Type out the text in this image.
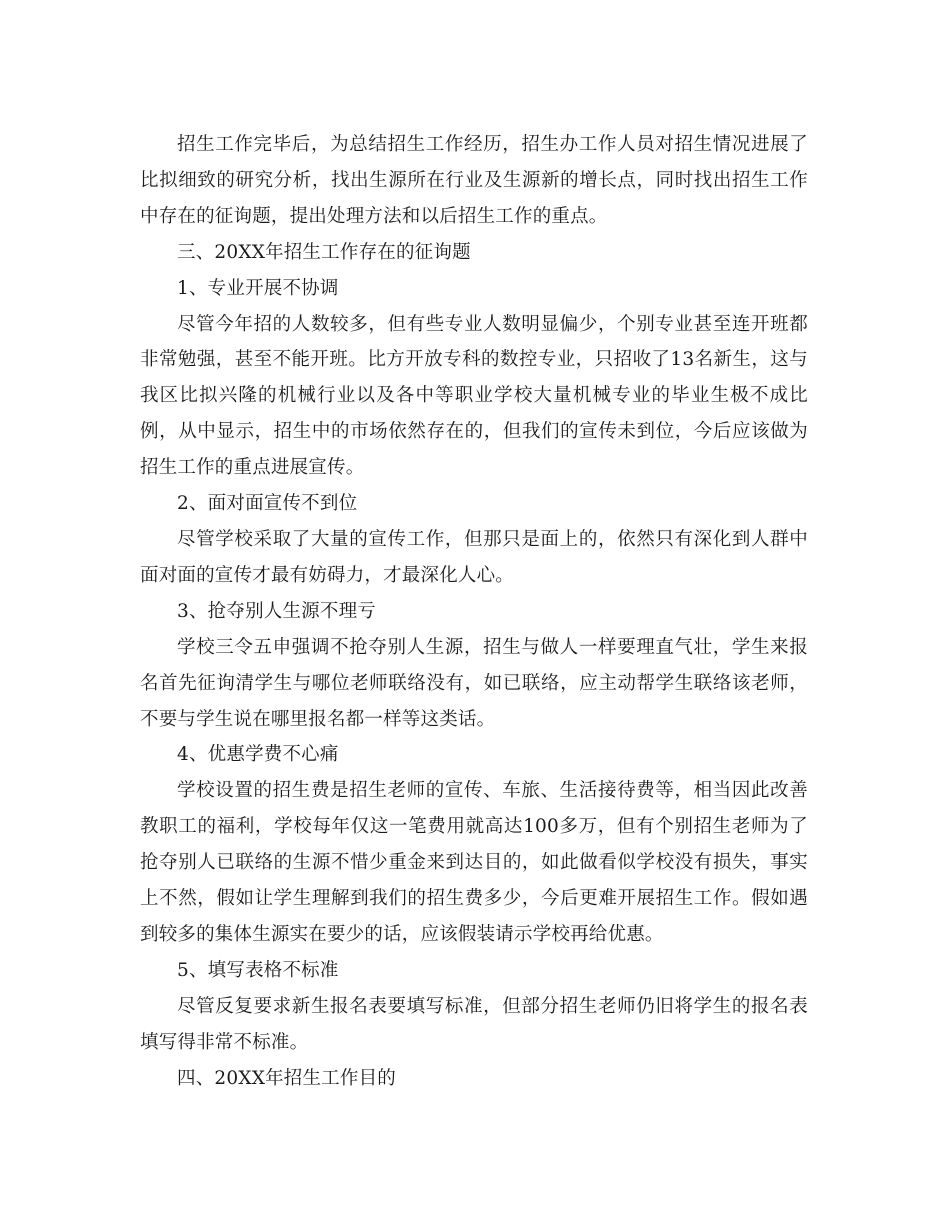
招生工作完毕后，为总结招生工作经历，招生办工作人员对招生情况进展了比拟细致的研究分析，找出生源所在行业及生源新的增长点，同时找出招生工作中存在的征询题，提出处理方法和以后招生工作的重点。

三、20XX年招生工作存在的征询题

1、专业开展不协调

尽管今年招的人数较多，但有些专业人数明显偏少，个别专业甚至连开班都非常勉强，甚至不能开班。比方开放专科的数控专业，只招收了13名新生，这与我区比拟兴隆的机械行业以及各中等职业学校大量机械专业的毕业生极不成比例，从中显示，招生中的市场依然存在的，但我们的宣传未到位，今后应该做为招生工作的重点进展宣传。

2、面对面宣传不到位

尽管学校采取了大量的宣传工作，但那只是面上的，依然只有深化到人群中面对面的宣传才最有妨碍力，才最深化人心。

3、抢夺别人生源不理亏

学校三令五申强调不抢夺别人生源，招生与做人一样要理直气壮，学生来报名首先征询清学生与哪位老师联络没有，如已联络，应主动帮学生联络该老师，不要与学生说在哪里报名都一样等这类话。

4、优惠学费不心痛

学校设置的招生费是招生老师的宣传、车旅、生活接待费等，相当因此改善教职工的福利，学校每年仅这一笔费用就高达100多万，但有个别招生老师为了抢夺别人已联络的生源不惜少重金来到达目的，如此做看似学校没有损失，事实上不然，假如让学生理解到我们的招生费多少，今后更难开展招生工作。假如遇到较多的集体生源实在要少的话，应该假装请示学校再给优惠。

5、填写表格不标准

尽管反复要求新生报名表要填写标准，但部分招生老师仍旧将学生的报名表填写得非常不标准。

四、20XX年招生工作目的
